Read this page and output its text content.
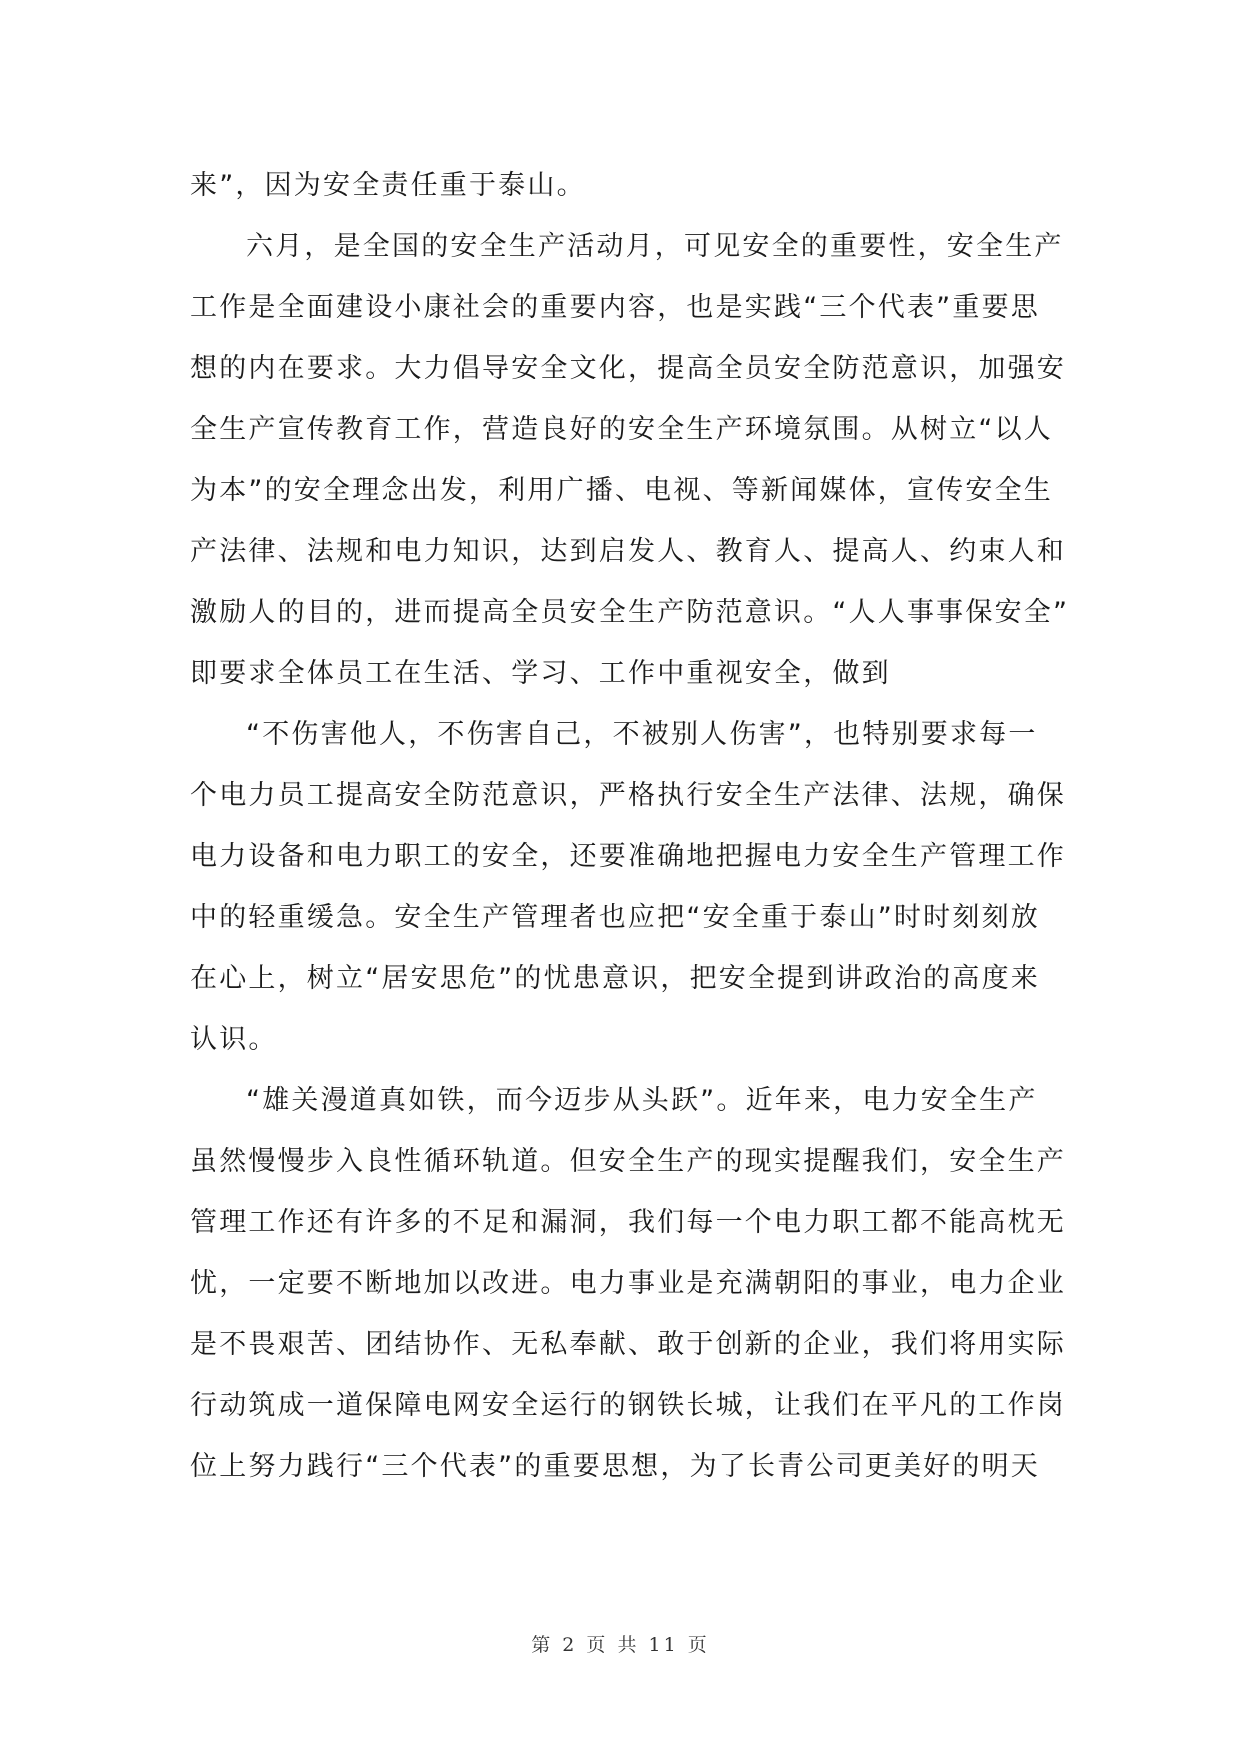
来”，因为安全责任重于泰山。
六月，是全国的安全生产活动月，可见安全的重要性，安全生产
工作是全面建设小康社会的重要内容，也是实践“三个代表”重要思
想的内在要求。大力倡导安全文化，提高全员安全防范意识，加强安
全生产宣传教育工作，营造良好的安全生产环境氛围。从树立“以人
为本”的安全理念出发，利用广播、电视、等新闻媒体，宣传安全生
产法律、法规和电力知识，达到启发人、教育人、提高人、约束人和
激励人的目的，进而提高全员安全生产防范意识。“人人事事保安全”
即要求全体员工在生活、学习、工作中重视安全，做到
“不伤害他人，不伤害自己，不被别人伤害”，也特别要求每一
个电力员工提高安全防范意识，严格执行安全生产法律、法规，确保
电力设备和电力职工的安全，还要准确地把握电力安全生产管理工作
中的轻重缓急。安全生产管理者也应把“安全重于泰山”时时刻刻放
在心上，树立“居安思危”的忧患意识，把安全提到讲政治的高度来
认识。
“雄关漫道真如铁，而今迈步从头跃”。近年来，电力安全生产
虽然慢慢步入良性循环轨道。但安全生产的现实提醒我们，安全生产
管理工作还有许多的不足和漏洞，我们每一个电力职工都不能高枕无
忧，一定要不断地加以改进。电力事业是充满朝阳的事业，电力企业
是不畏艰苦、团结协作、无私奉献、敢于创新的企业，我们将用实际
行动筑成一道保障电网安全运行的钢铁长城，让我们在平凡的工作岗
位上努力践行“三个代表”的重要思想，为了长青公司更美好的明天
第 2 页 共 11 页
